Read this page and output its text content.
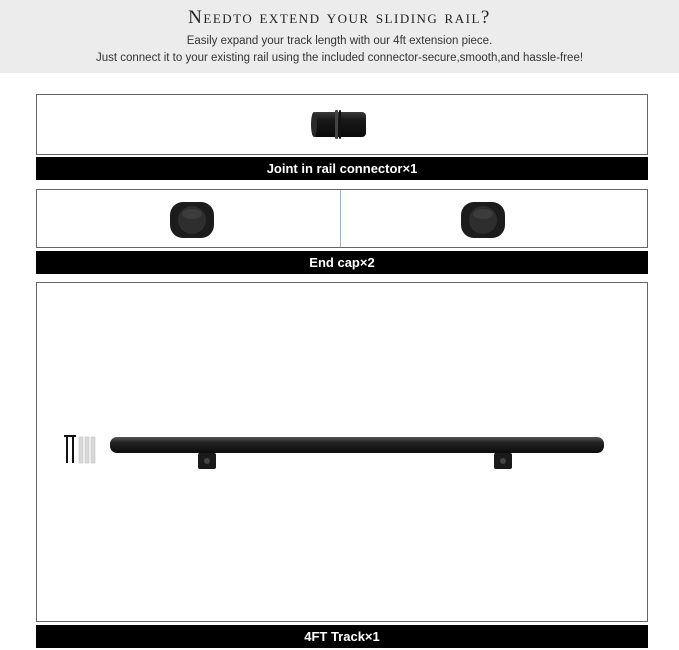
Needto extend your sliding rail?

Easily expand your track length with our 4ft extension piece.

Just connect it to your existing rail using the included connector-secure,smooth,and hassle-free!

Joint in rail connector×1
End cap×2
4FT Track×1
